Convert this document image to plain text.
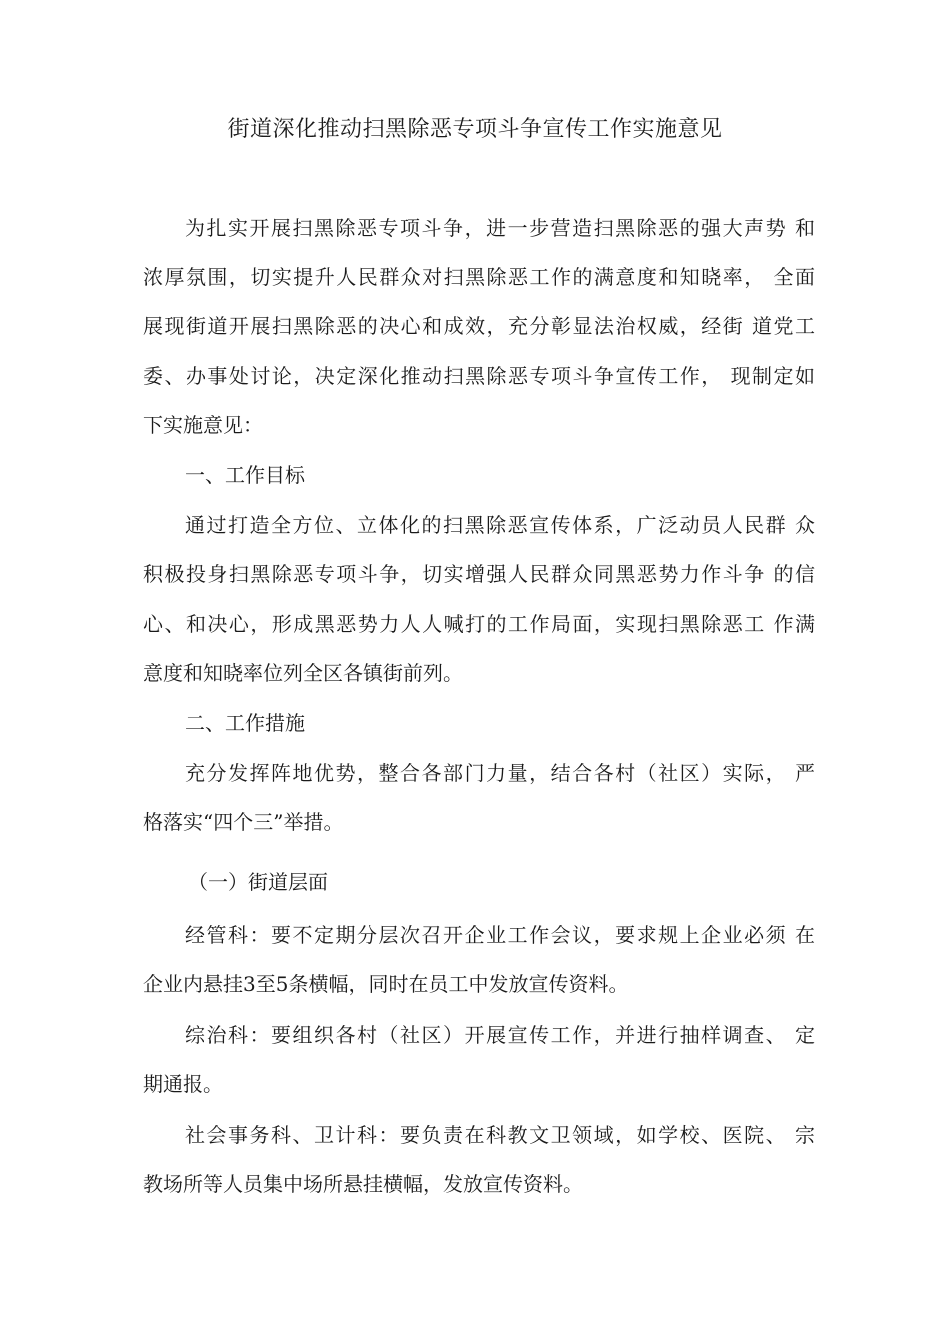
街道深化推动扫黑除恶专项斗争宣传工作实施意见

为扎实开展扫黑除恶专项斗争，进一步营造扫黑除恶的强大声势 和

浓厚氛围，切实提升人民群众对扫黑除恶工作的满意度和知晓率， 全面

展现街道开展扫黑除恶的决心和成效，充分彰显法治权威，经街 道党工

委、办事处讨论，决定深化推动扫黑除恶专项斗争宣传工作， 现制定如

下实施意见：

一、工作目标

通过打造全方位、立体化的扫黑除恶宣传体系，广泛动员人民群 众

积极投身扫黑除恶专项斗争，切实增强人民群众同黑恶势力作斗争 的信

心、和决心，形成黑恶势力人人喊打的工作局面，实现扫黑除恶工 作满

意度和知晓率位列全区各镇街前列。

二、工作措施

充分发挥阵地优势，整合各部门力量，结合各村（社区）实际， 严

格落实“四个三”举措。

（一）街道层面

经管科：要不定期分层次召开企业工作会议，要求规上企业必须 在

企业内悬挂3至5条横幅，同时在员工中发放宣传资料。

综治科：要组织各村（社区）开展宣传工作，并进行抽样调查、 定

期通报。

社会事务科、卫计科：要负责在科教文卫领域，如学校、医院、 宗

教场所等人员集中场所悬挂横幅，发放宣传资料。
